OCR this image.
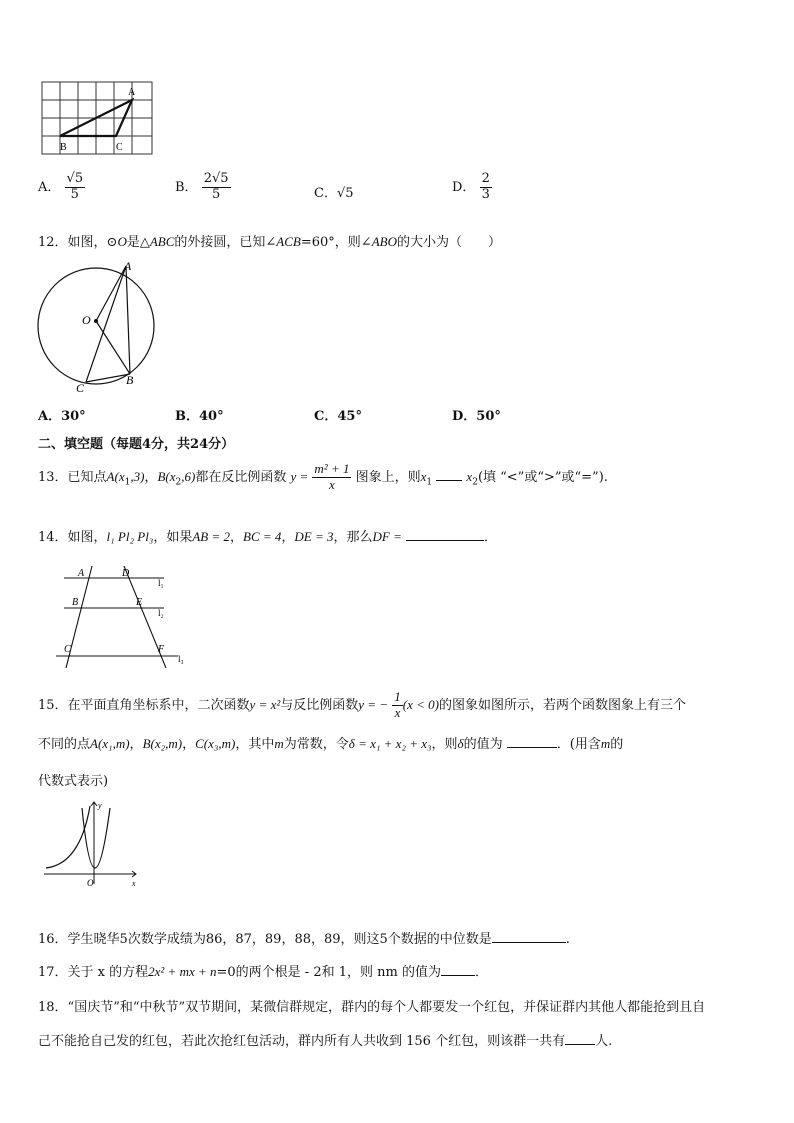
A
B	C
A． $\frac{√5}{5}$	B． $\frac{2√5}{5}$	C．√5	D． $\frac{2}{3}$
12．如图，⊙O是△ABC的外接圆，已知∠ACB=60°，则∠ABO的大小为（　　）
A
O
B
C
A．30°	B．40°	C．45°	D．50°
二、填空题（每题4分，共24分）
13．已知点$A(x_1,3)$，$B(x_2,6)$都在反比例函数 $y = \frac{\text{m² + 1}}{x}$ 图象上，则$x_1$	$x_2$(填 “<”或“>”或“=”).
14．如图，l₁ Pl₂ Pl₃，如果AB = 2，BC = 4，DE = 3，那么DF =	．
A	D
l₁
B	E
l₂
C	F
l₃
15．在平面直角坐标系中，二次函数y = x²与反比例函数y = − $\frac{1}{x} (x < 0)$的图象如图所示，若两个函数图象上有三个
不同的点A(x₁,m)，B(x₂,m)，C(x₃,m)，其中m为常数，令δ = x₁ + x₂ + x₃，则δ的值为	．(用含m的
代数式表示)
y
x
O
16．学生晓华5次数学成绩为86，87，89，88，89，则这5个数据的中位数是	.
17．关于 x 的方程2x² + mx + n=0的两个根是 - 2和 1，则 nm 的值为	．
18．“国庆节”和“中秋节”双节期间，某微信群规定，群内的每个人都要发一个红包，并保证群内其他人都能抢到且自
己不能抢自己发的红包，若此次抢红包活动，群内所有人共收到 156 个红包，则该群一共有 人.
